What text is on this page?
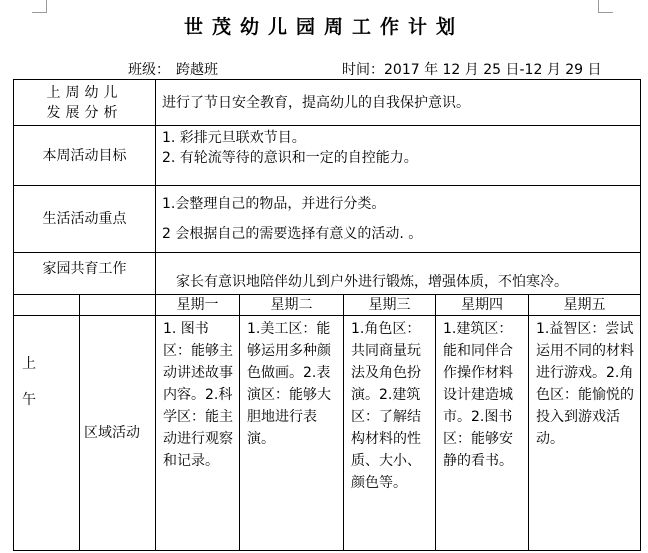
世茂幼儿园周工作计划
班级： 跨越班	时间：2017 年 12 月 25 日-12 月 29 日
上周幼儿
发展分析		进行了节日安全教育，提高幼儿的自我保护意识。				
本周活动目标		1. 彩排元旦联欢节目。
2. 有轮流等待的意识和一定的自控能力。				

生活活动重点		1.会整理自己的物品，并进行分类。
2 会根据自己的需要选择有意义的活动. 。				

家园共育工作		家长有意识地陪伴幼儿到户外进行锻炼，增强体质，不怕寒冷。				
		星期一	星期二	星期三	星期四	星期五

上
午	区域活动	1. 图书区：能够主动讲述故事内容。2.科学区：能主动进行观察和记录。	1.美工区：能够运用多种颜色做画。2.表演区：能够大胆地进行表演。	1.角色区：共同商量玩法及角色扮演。2.建筑区：了解结构材料的性质、大小、颜色等。	1.建筑区：能和同伴合作操作材料设计建造城市。2.图书区：能够安静的看书。	1.益智区：尝试运用不同的材料进行游戏。2.角色区：能愉悦的投入到游戏活动。
